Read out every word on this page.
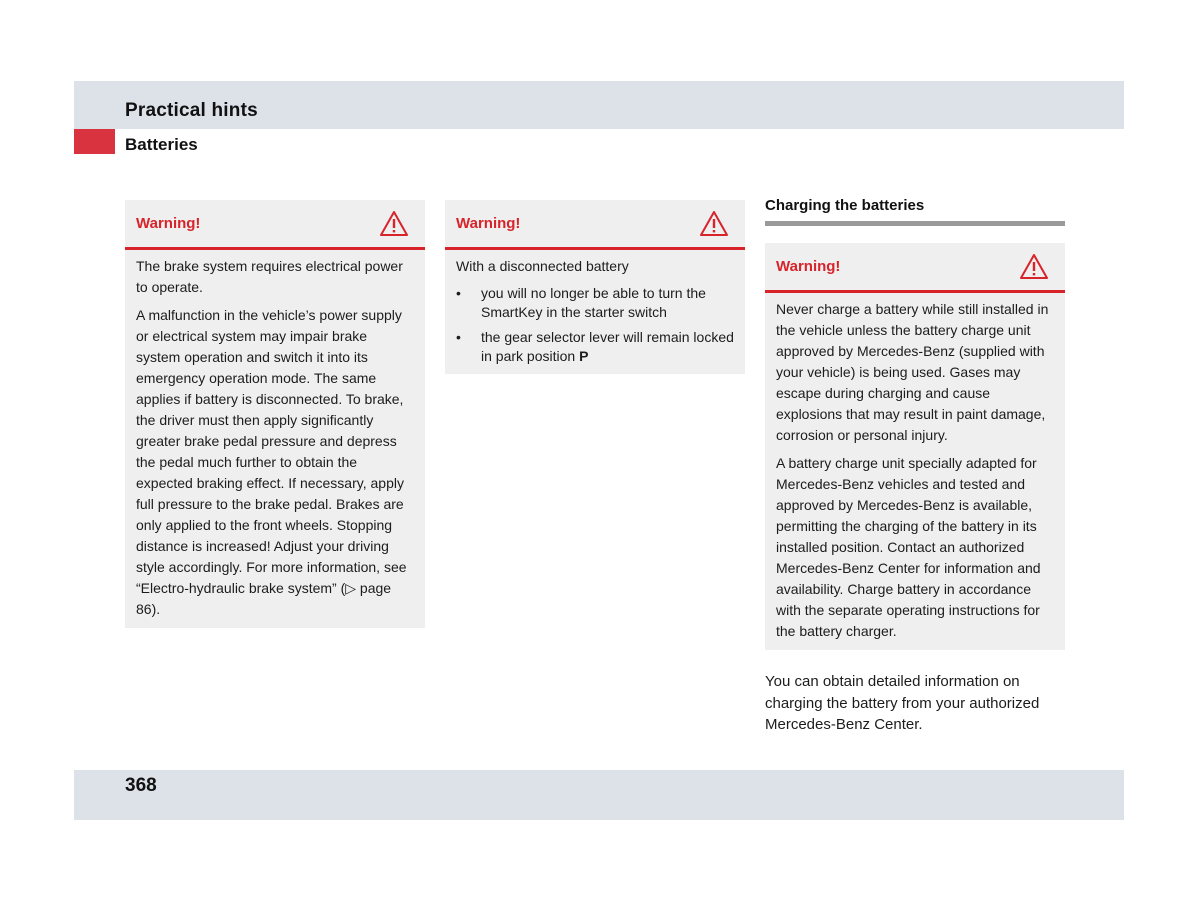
Practical hints
Batteries
Warning!

The brake system requires electrical power to operate.

A malfunction in the vehicle’s power supply or electrical system may impair brake system operation and switch it into its emergency operation mode. The same applies if battery is disconnected. To brake, the driver must then apply significantly greater brake pedal pressure and depress the pedal much further to obtain the expected braking effect. If necessary, apply full pressure to the brake pedal. Brakes are only applied to the front wheels. Stopping distance is increased! Adjust your driving style accordingly. For more information, see “Electro-hydraulic brake system” (▷ page 86).

Warning!

With a disconnected battery

• you will no longer be able to turn the SmartKey in the starter switch
• the gear selector lever will remain locked in park position P
Charging the batteries
Warning!

Never charge a battery while still installed in the vehicle unless the battery charge unit approved by Mercedes-Benz (supplied with your vehicle) is being used. Gases may escape during charging and cause explosions that may result in paint damage, corrosion or personal injury.

A battery charge unit specially adapted for Mercedes-Benz vehicles and tested and approved by Mercedes-Benz is available, permitting the charging of the battery in its installed position. Contact an authorized Mercedes-Benz Center for information and availability. Charge battery in accordance with the separate operating instructions for the battery charger.

You can obtain detailed information on charging the battery from your authorized Mercedes-Benz Center.
368
